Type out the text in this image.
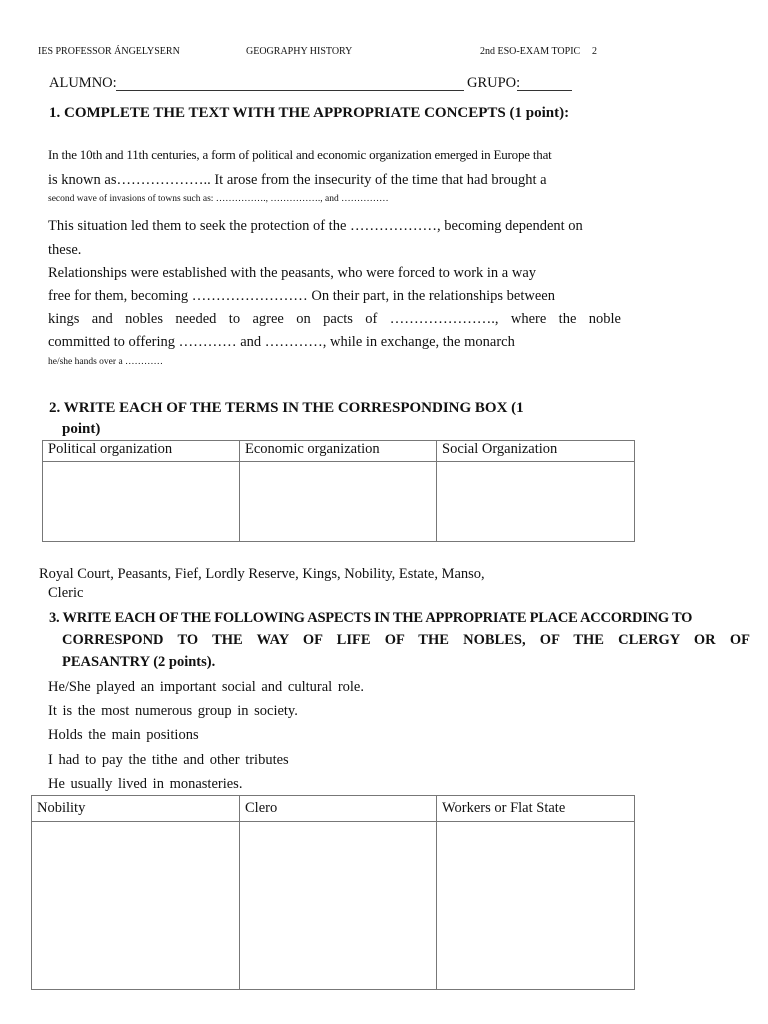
IES PROFESSOR ÁNGELYSERN	GEOGRAPHY HISTORY	2nd ESO-EXAM TOPIC 2
ALUMNO:	GRUPO:
1. COMPLETE THE TEXT WITH THE APPROPRIATE CONCEPTS (1 point):
In the 10th and 11th centuries, a form of political and economic organization emerged in Europe that
is known as……………….. It arose from the insecurity of the time that had brought a
second wave of invasions of towns such as: ……………., ……………., and ……………
This situation led them to seek the protection of the ………………, becoming dependent on
these.
Relationships were established with the peasants, who were forced to work in a way
free for them, becoming …………………… On their part, in the relationships between
kings and nobles needed to agree on pacts of …………………., where the noble
committed to offering ………… and …………, while in exchange, the monarch
he/she hands over a …………
2. WRITE EACH OF THE TERMS IN THE CORRESPONDING BOX (1
point)
Political organization	Economic organization	Social Organization

Royal Court, Peasants, Fief, Lordly Reserve, Kings, Nobility, Estate, Manso,
Cleric
3. WRITE EACH OF THE FOLLOWING ASPECTS IN THE APPROPRIATE PLACE ACCORDING TO
CORRESPOND TO THE WAY OF LIFE OF THE NOBLES, OF THE CLERGY OR OF
PEASANTRY (2 points).
He/She played an important social and cultural role.
It is the most numerous group in society.
Holds the main positions
I had to pay the tithe and other tributes
He usually lived in monasteries.
Nobility	Clero	Workers or Flat State
